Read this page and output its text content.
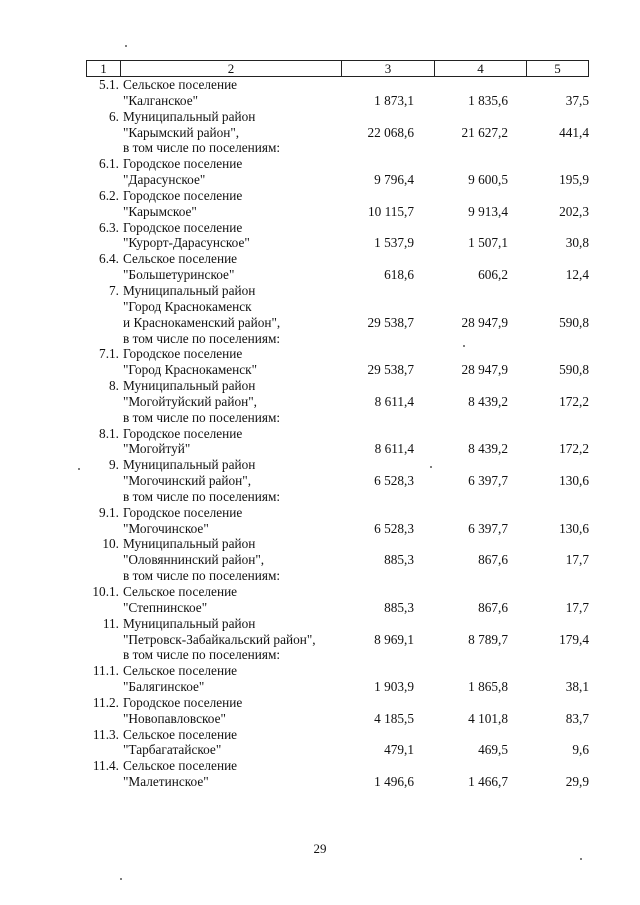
1	2	3	4	5
5.1. Сельское поселение
"Калганское"	1 873,1	1 835,6	37,5
6. Муниципальный район
"Карымский район",	22 068,6	21 627,2	441,4
в том числе по поселениям:
6.1. Городское поселение
"Дарасунское"	9 796,4	9 600,5	195,9
6.2. Городское поселение
"Карымское"	10 115,7	9 913,4	202,3
6.3. Городское поселение
"Курорт-Дарасунское"	1 537,9	1 507,1	30,8
6.4. Сельское поселение
"Большетуринское"	618,6	606,2	12,4
7. Муниципальный район
"Город Краснокаменск
и Краснокаменский район",	29 538,7	28 947,9	590,8
в том числе по поселениям:
7.1. Городское поселение
"Город Краснокаменск"	29 538,7	28 947,9	590,8
8. Муниципальный район
"Могойтуйский район",	8 611,4	8 439,2	172,2
в том числе по поселениям:
8.1. Городское поселение
"Могойтуй"	8 611,4	8 439,2	172,2
9. Муниципальный район
"Могочинский район",	6 528,3	6 397,7	130,6
в том числе по поселениям:
9.1. Городское поселение
"Могочинское"	6 528,3	6 397,7	130,6
10. Муниципальный район
"Оловяннинский район",	885,3	867,6	17,7
в том числе по поселениям:
10.1. Сельское поселение
"Степнинское"	885,3	867,6	17,7
11. Муниципальный район
"Петровск-Забайкальский район",	8 969,1	8 789,7	179,4
в том числе по поселениям:
11.1. Сельское поселение
"Балягинское"	1 903,9	1 865,8	38,1
11.2. Городское поселение
"Новопавловское"	4 185,5	4 101,8	83,7
11.3. Сельское поселение
"Тарбагатайское"	479,1	469,5	9,6
11.4. Сельское поселение
"Малетинское"	1 496,6	1 466,7	29,9
29
